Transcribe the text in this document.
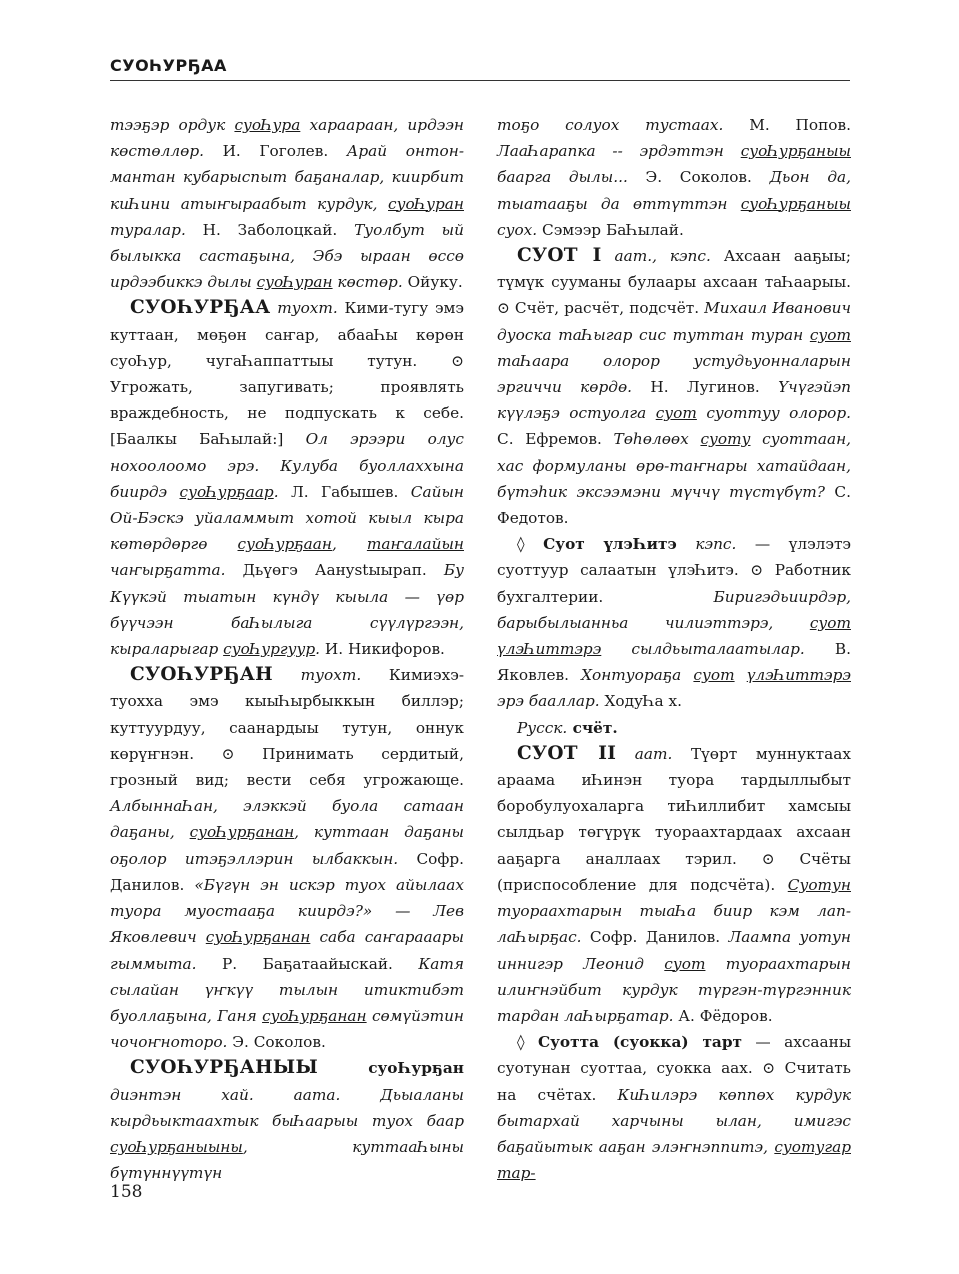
СУОҺУРҔАА

тээҕэр ордук суоҺура хараараан, ирдээн көстөллөр. И. Гоголев. Арай онтон-мантан кубарыспыт баҕаналар, киирбит киҺини атыҥыраабыт курдук, суоҺуран туралар. Н. Заболоцкай. Туолбут ый былыкка састаҕына, Эбэ ыраан өссө ирдээбиккэ дылы суоҺуран көстөр. Ойуку.

СУОҺУРҔАА туохт. Кими-тугу эмэ куттаан, мөҕөн саҥар, абааҺы көрөн суоҺур, чугаҺаппаттыы тутун. ⊙ Угрожать, запугивать; проявлять враждебность, не подпускать к себе. [Баалкы БаҺылай:] Ол эрээри олус нохоолоомо эрэ. Кулуба буоллаххына биирдэ суоҺурҕаар. Л. Габышев. Сайын Ой-Бэскэ уйаламмыт хотой кыыл кыра көтөрдөргө суоҺурҕаан, таҥалайын чаҥырҕатта. Дьүөгэ Аанystыырап. Бу Күүкэй тыатын күндү кыыла — үөр бүүчээн баҺылыга сүүлүргээн, кыраларыгар суоҺургуур. И. Никифоров.

СУОҺУРҔАН туохт. Кимиэхэ-туохха эмэ кыыҺырбыккын биллэр; куттуурдуу, саанардыы тутун, оннук көрүҥнэн. ⊙ Принимать сердитый, грозный вид; вести себя угрожающе. АлбыннаҺан, элэккэй буола сатаан даҕаны, суоҺурҕанан, куттаан даҕаны оҕолор итэҕэллэрин ылбаккын. Софр. Данилов. «Бүгүн эн искэр туох айылаах туора муостааҕа киирдэ?» — Лев Яковлевич суоҺурҕанан саба саҥарааары гыммыта. Р. Баҕатаайыскай. Катя сылайан үҥкүү тылын итиктибэт буоллаҕына, Ганя суоҺурҕанан сөмүйэтин чочоҥноторо. Э. Соколов.

СУОҺУРҔАНЫЫ суоҺурҕан диэнтэн хай. аата. Дьыаланы кырдьыктаахтык быҺаарыы туох баар суоҺурҕаныыны, куттааҺыны бүтүннүүтүн

тоҕо солуох тустаах. М. Попов. ЛааҺарапка -- эрдэттэн суоҺурҕаныы баарга дылы... Э. Соколов. Дьон да, тыатааҕы да өттүттэн суоҺурҕаныы суох. Сэмээр БаҺылай.

СУОТ I аат., кэпс. Ахсаан ааҕыы; түмүк сууманы булаары ахсаан таҺаарыы. ⊙ Счёт, расчёт, подсчёт. Михаил Иванович дуоска таҺыгар сис туттан туран суот таҺаара олорор устудьуонналарын эргиччи көрдө. Н. Лугинов. Үчүгэйэп күүлэҕэ остуолга суот суоттуу олорор. С. Ефремов. Төһөлөөх суоту суоттаан, хас формуланы өрө-таҥнары хатайдаан, бүтэһик эксээмэни мүччү түстүбүт? С. Федотов.

◊ Суот үлэҺитэ кэпс. — үлэлэтэ суоттуур салаатын үлэҺитэ. ⊙ Работник бухгалтерии. Биригэдьиирдэр, барыбылыанньа чилиэттэрэ, суот үлэҺиттэрэ сылдьыталаатылар. В. Яковлев. Хонтуораҕа суот үлэҺиттэрэ эрэ бааллар. ХодуҺа х.

Русск. счёт.

СУОТ II аат. Түөрт муннуктаах араама иҺинэн туора тардыллыбыт боробулуохаларга тиҺиллибит хамсыы сылдьар төгүрүк туораахтардаах ахсаан ааҕарга аналлаах тэрил. ⊙ Счёты (приспособление для подсчёта). Суотун туораахтарын тыаҺа биир кэм лап-лаҺырҕас. Софр. Данилов. Лаампа уотун иннигэр Леонид суот туораахтарын илиҥнэйбит курдук түргэн-түргэнник тардан лаҺырҕатар. А. Фёдоров.

◊ Суотта (суокка) тарт — ахсааны суотунан суоттаа, суокка аах. ⊙ Считать на счётах. КиҺилэрэ көппөх курдук бытархай харчыны ылан, имигэс баҕайытык ааҕан элэҥнэппитэ, суотугар тар-

158
